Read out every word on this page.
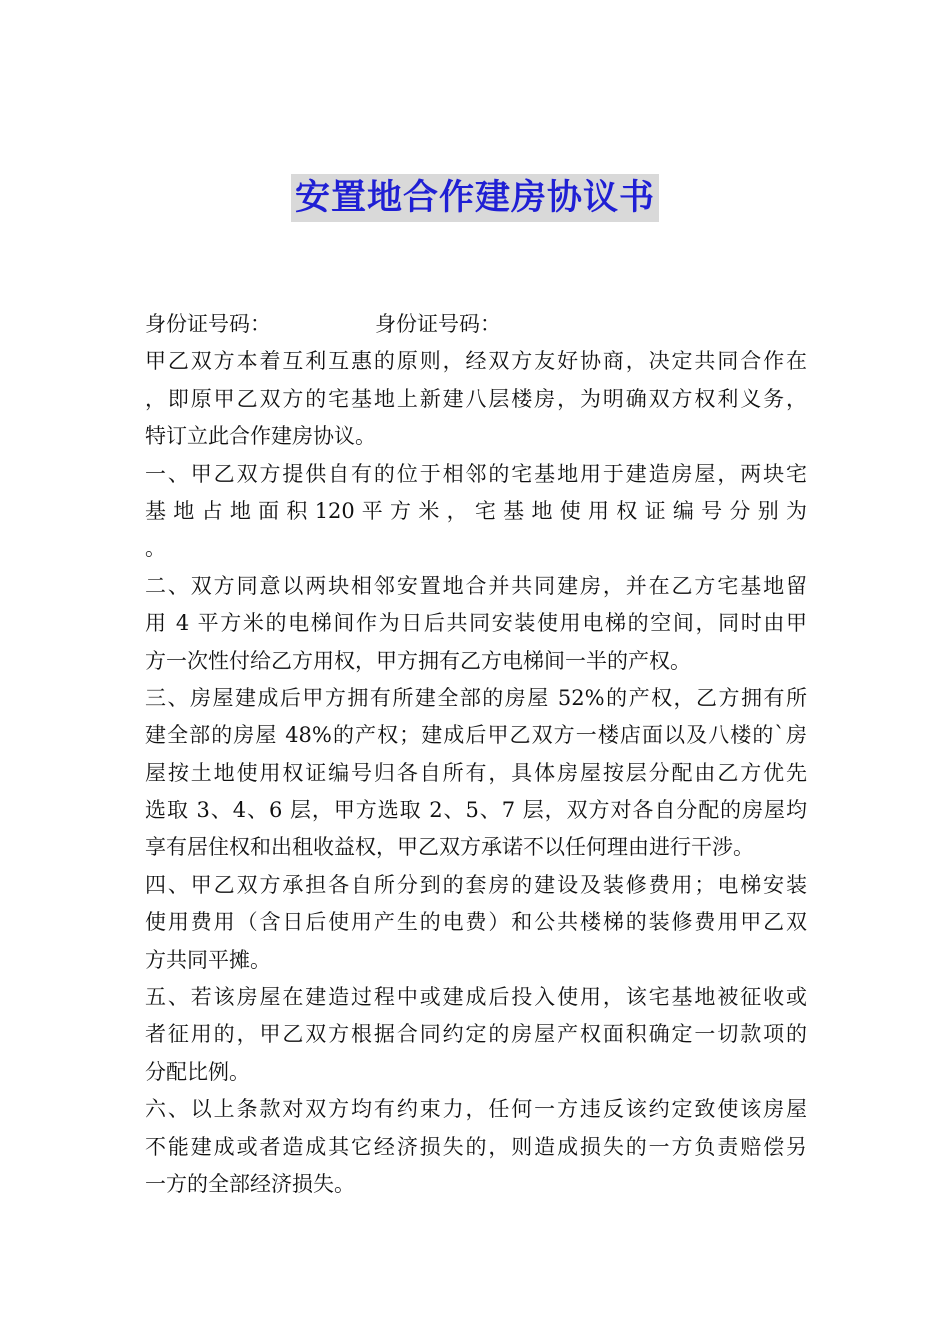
安置地合作建房协议书
身份证号码：	身份证号码：
甲乙双方本着互利互惠的原则，经双方友好协商，决定共同合作在
，即原甲乙双方的宅基地上新建八层楼房，为明确双方权利义务，
特订立此合作建房协议。
一、甲乙双方提供自有的位于相邻的宅基地用于建造房屋，两块宅
基 地 占 地 面 积 120 平 方 米 ， 宅 基 地 使 用 权 证 编 号 分 别 为
。
二、双方同意以两块相邻安置地合并共同建房，并在乙方宅基地留
用 4 平方米的电梯间作为日后共同安装使用电梯的空间，同时由甲
方一次性付给乙方用权，甲方拥有乙方电梯间一半的产权。
三、房屋建成后甲方拥有所建全部的房屋 52%的产权，乙方拥有所
建全部的房屋 48%的产权；建成后甲乙双方一楼店面以及八楼的`房
屋按土地使用权证编号归各自所有，具体房屋按层分配由乙方优先
选取 3、4、6 层，甲方选取 2、5、7 层，双方对各自分配的房屋均
享有居住权和出租收益权，甲乙双方承诺不以任何理由进行干涉。
四、甲乙双方承担各自所分到的套房的建设及装修费用；电梯安装
使用费用（含日后使用产生的电费）和公共楼梯的装修费用甲乙双
方共同平摊。
五、若该房屋在建造过程中或建成后投入使用，该宅基地被征收或
者征用的，甲乙双方根据合同约定的房屋产权面积确定一切款项的
分配比例。
六、以上条款对双方均有约束力，任何一方违反该约定致使该房屋
不能建成或者造成其它经济损失的，则造成损失的一方负责赔偿另
一方的全部经济损失。
